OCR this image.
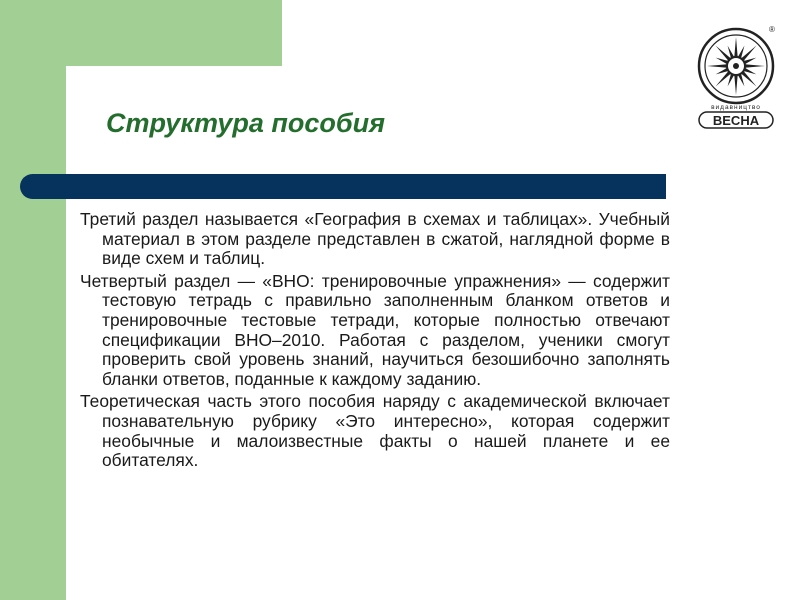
Структура пособия
®
видавництво
ВЕСНА

Третий раздел называется «География в схемах и таблицах». Учебный материал в этом разделе представлен в сжатой, наглядной форме в виде схем и таблиц.

Четвертый раздел — «ВНО: тренировочные упражнения» — содержит тестовую тетрадь с правильно заполненным бланком ответов и тренировочные тестовые тетради, которые полностью отвечают спецификации ВНО–2010. Работая с разделом, ученики смогут проверить свой уровень знаний, научиться безошибочно заполнять бланки ответов, поданные к каждому заданию.

Теоретическая часть этого пособия наряду с академической включает познавательную рубрику «Это интересно», которая содержит необычные и малоизвестные факты о нашей планете и ее обитателях.
